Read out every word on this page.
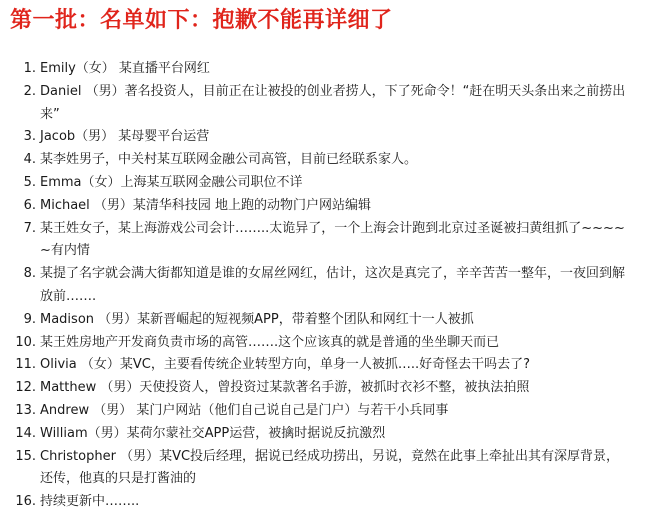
第一批：名单如下：抱歉不能再详细了
1. Emily（女） 某直播平台网红
2. Daniel （男）著名投资人，目前正在让被投的创业者捞人，下了死命令！“赶在明天头条出来之前捞出来”
3. Jacob（男） 某母婴平台运营
4. 某李姓男子，中关村某互联网金融公司高管，目前已经联系家人。
5. Emma（女）上海某互联网金融公司职位不详
6. Michael （男）某清华科技园 地上跑的动物门户网站编辑
7. 某王姓女子，某上海游戏公司会计……..太诡异了，一个上海会计跑到北京过圣诞被扫黄组抓了~~~~~有内情
8. 某提了名字就会满大街都知道是谁的女屌丝网红，估计，这次是真完了，辛辛苦苦一整年，一夜回到解放前…….
9. Madison （男）某新晋崛起的短视频APP，带着整个团队和网红十一人被抓
10. 某王姓房地产开发商负责市场的高管…….这个应该真的就是普通的坐坐聊天而已
11. Olivia （女）某VC，主要看传统企业转型方向，单身一人被抓…..好奇怪去干吗去了?
12. Matthew （男）天使投资人，曾投资过某款著名手游，被抓时衣衫不整，被执法拍照
13. Andrew （男） 某门户网站（他们自己说自己是门户）与若干小兵同事
14. William（男）某荷尔蒙社交APP运营，被擒时据说反抗激烈
15. Christopher （男）某VC投后经理，据说已经成功捞出，另说，竟然在此事上牵扯出其有深厚背景，还传，他真的只是打酱油的
16. 持续更新中……..
